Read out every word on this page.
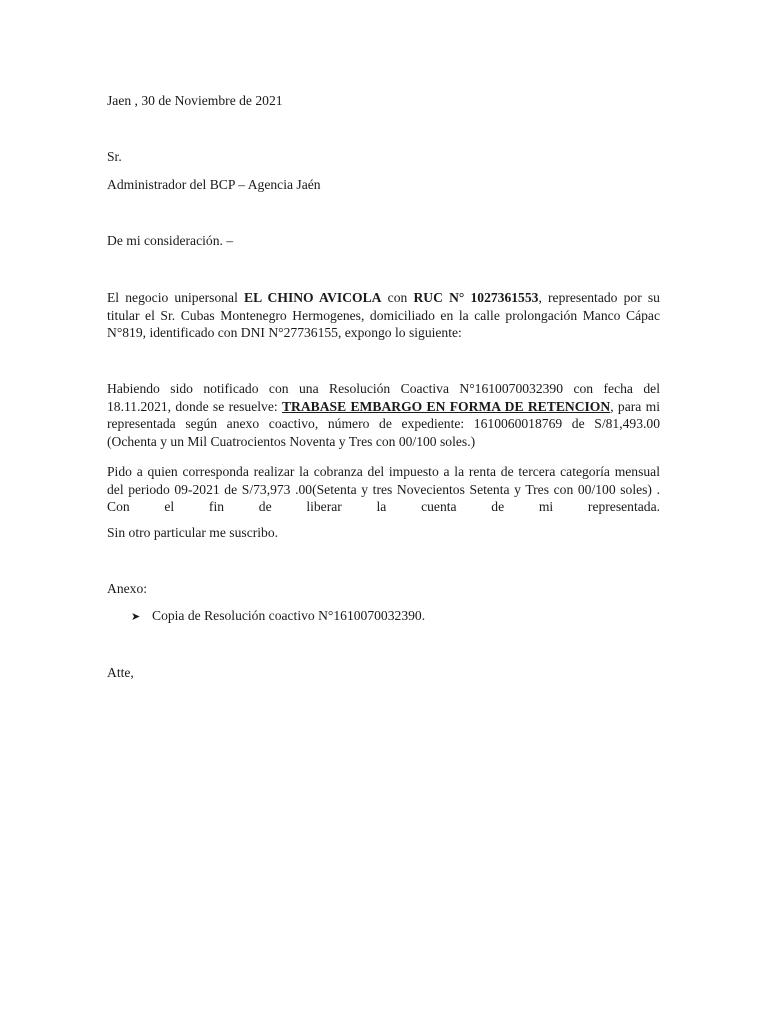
Jaen , 30 de Noviembre de 2021
Sr.
Administrador del BCP – Agencia Jaén
De mi consideración. –
El negocio unipersonal EL CHINO AVICOLA con RUC N° 1027361553, representado por su
titular el Sr. Cubas Montenegro Hermogenes, domiciliado en la calle prolongación Manco Cápac
N°819, identificado con DNI N°27736155, expongo lo siguiente:
Habiendo sido notificado con una Resolución Coactiva N°1610070032390 con fecha del
18.11.2021, donde se resuelve: TRABASE EMBARGO EN FORMA DE RETENCION, para mi
representada según anexo coactivo, número de expediente: 1610060018769 de S/81,493.00
(Ochenta y un Mil Cuatrocientos Noventa y Tres con 00/100 soles.)
Pido a quien corresponda realizar la cobranza del impuesto a la renta de tercera categoría mensual
del periodo 09-2021 de S/73,973 .00(Setenta y tres Novecientos Setenta y Tres con 00/100 soles) .
Con el fin de liberar la cuenta de mi representada.
Sin otro particular me suscribo.
Anexo:
➤ Copia de Resolución coactivo N°1610070032390.
Atte,
